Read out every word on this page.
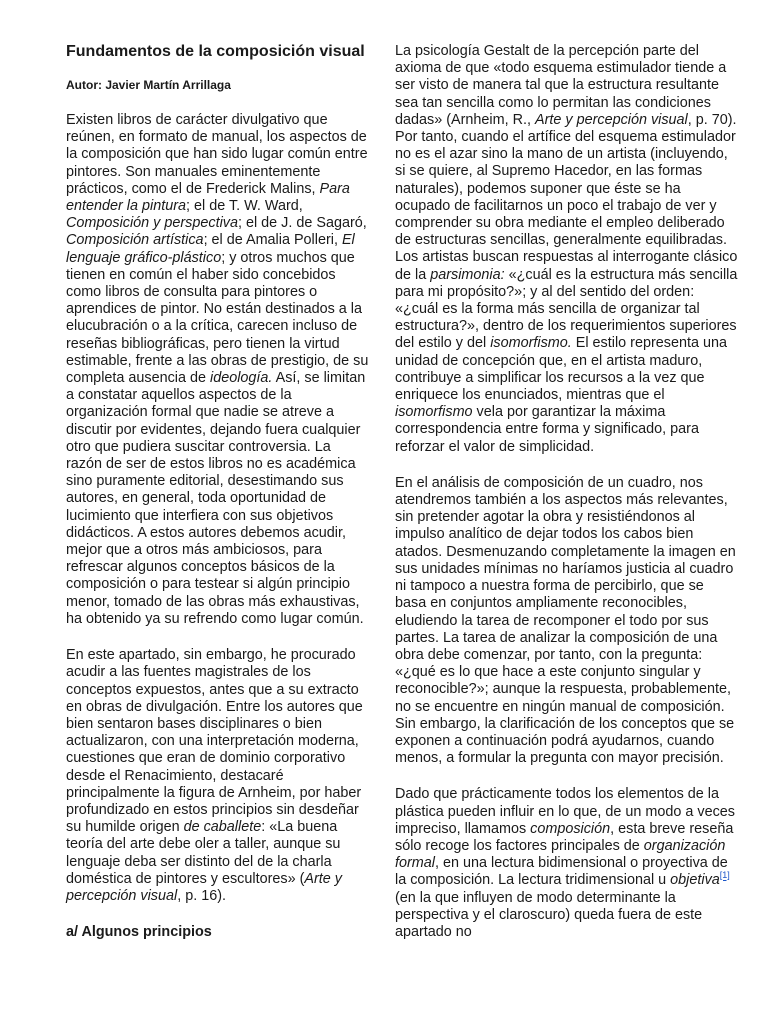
Fundamentos de la composición visual

Autor: Javier Martín Arrillaga

Existen libros de carácter divulgativo que reúnen, en formato de manual, los aspectos de la composición que han sido lugar común entre pintores. Son manuales eminentemente prácticos, como el de Frederick Malins, Para entender la pintura; el de T. W. Ward, Composición y perspectiva; el de J. de Sagaró, Composición artística; el de Amalia Polleri, El lenguaje gráfico-plástico; y otros muchos que tienen en común el haber sido concebidos como libros de consulta para pintores o aprendices de pintor. No están destinados a la elucubración o a la crítica, carecen incluso de reseñas bibliográficas, pero tienen la virtud estimable, frente a las obras de prestigio, de su completa ausencia de ideología. Así, se limitan a constatar aquellos aspectos de la organización formal que nadie se atreve a discutir por evidentes, dejando fuera cualquier otro que pudiera suscitar controversia. La razón de ser de estos libros no es académica sino puramente editorial, desestimando sus autores, en general, toda oportunidad de lucimiento que interfiera con sus objetivos didácticos. A estos autores debemos acudir, mejor que a otros más ambiciosos, para refrescar algunos conceptos básicos de la composición o para testear si algún principio menor, tomado de las obras más exhaustivas, ha obtenido ya su refrendo como lugar común.

En este apartado, sin embargo, he procurado acudir a las fuentes magistrales de los conceptos expuestos, antes que a su extracto en obras de divulgación. Entre los autores que bien sentaron bases disciplinares o bien actualizaron, con una interpretación moderna, cuestiones que eran de dominio corporativo desde el Renacimiento, destacaré principalmente la figura de Arnheim, por haber profundizado en estos principios sin desdeñar su humilde origen de caballete: «La buena teoría del arte debe oler a taller, aunque su lenguaje deba ser distinto del de la charla doméstica de pintores y escultores» (Arte y percepción visual, p. 16).

a/ Algunos principios

La psicología Gestalt de la percepción parte del axioma de que «todo esquema estimulador tiende a ser visto de manera tal que la estructura resultante sea tan sencilla como lo permitan las condiciones dadas» (Arnheim, R., Arte y percepción visual, p. 70). Por tanto, cuando el artífice del esquema estimulador no es el azar sino la mano de un artista (incluyendo, si se quiere, al Supremo Hacedor, en las formas naturales), podemos suponer que éste se ha ocupado de facilitarnos un poco el trabajo de ver y comprender su obra mediante el empleo deliberado de estructuras sencillas, generalmente equilibradas. Los artistas buscan respuestas al interrogante clásico de la parsimonia: «¿cuál es la estructura más sencilla para mi propósito?»; y al del sentido del orden: «¿cuál es la forma más sencilla de organizar tal estructura?», dentro de los requerimientos superiores del estilo y del isomorfismo. El estilo representa una unidad de concepción que, en el artista maduro, contribuye a simplificar los recursos a la vez que enriquece los enunciados, mientras que el isomorfismo vela por garantizar la máxima correspondencia entre forma y significado, para reforzar el valor de simplicidad.

En el análisis de composición de un cuadro, nos atendremos también a los aspectos más relevantes, sin pretender agotar la obra y resistiéndonos al impulso analítico de dejar todos los cabos bien atados. Desmenuzando completamente la imagen en sus unidades mínimas no haríamos justicia al cuadro ni tampoco a nuestra forma de percibirlo, que se basa en conjuntos ampliamente reconocibles, eludiendo la tarea de recomponer el todo por sus partes. La tarea de analizar la composición de una obra debe comenzar, por tanto, con la pregunta: «¿qué es lo que hace a este conjunto singular y reconocible?»; aunque la respuesta, probablemente, no se encuentre en ningún manual de composición. Sin embargo, la clarificación de los conceptos que se exponen a continuación podrá ayudarnos, cuando menos, a formular la pregunta con mayor precisión.

Dado que prácticamente todos los elementos de la plástica pueden influir en lo que, de un modo a veces impreciso, llamamos composición, esta breve reseña sólo recoge los factores principales de organización formal, en una lectura bidimensional o proyectiva de la composición. La lectura tridimensional u objetiva[1] (en la que influyen de modo determinante la perspectiva y el claroscuro) queda fuera de este apartado no
